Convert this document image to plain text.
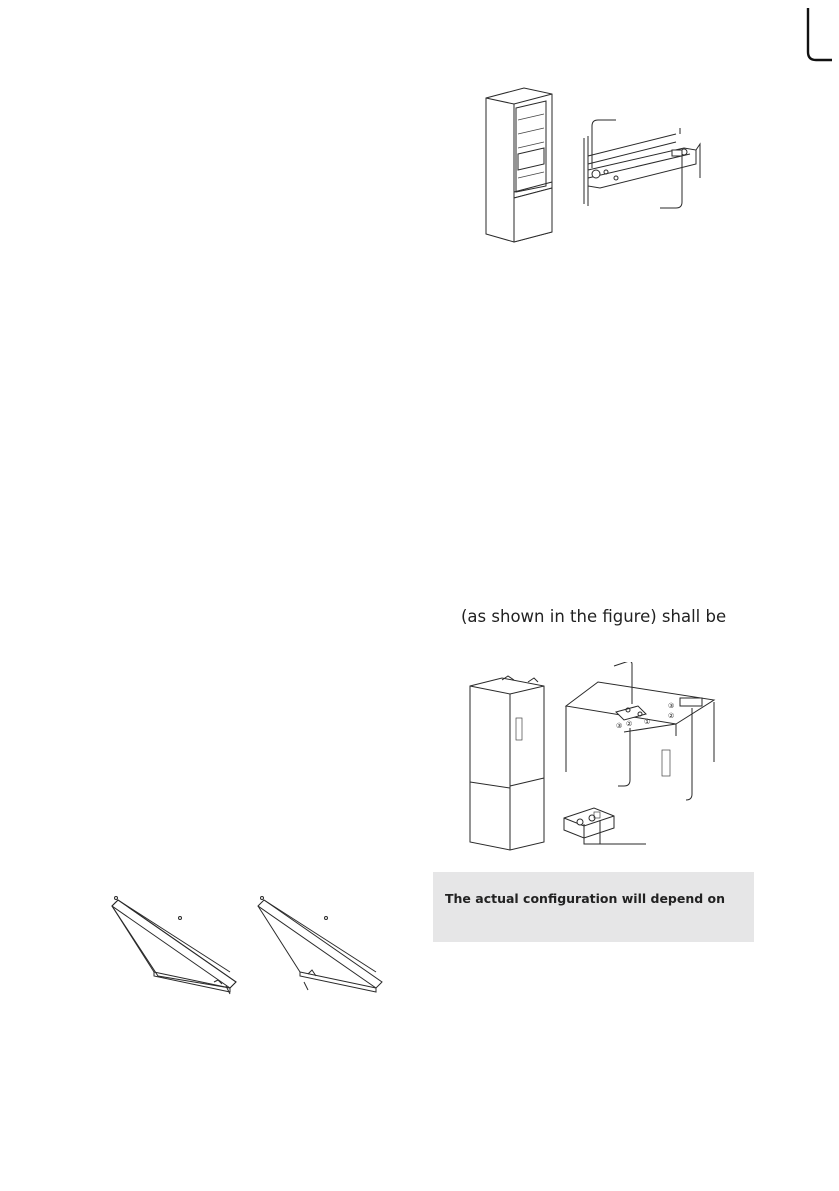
(as shown in the figure) shall be
③ ② ①
③
②
The actual configuration will depend on
